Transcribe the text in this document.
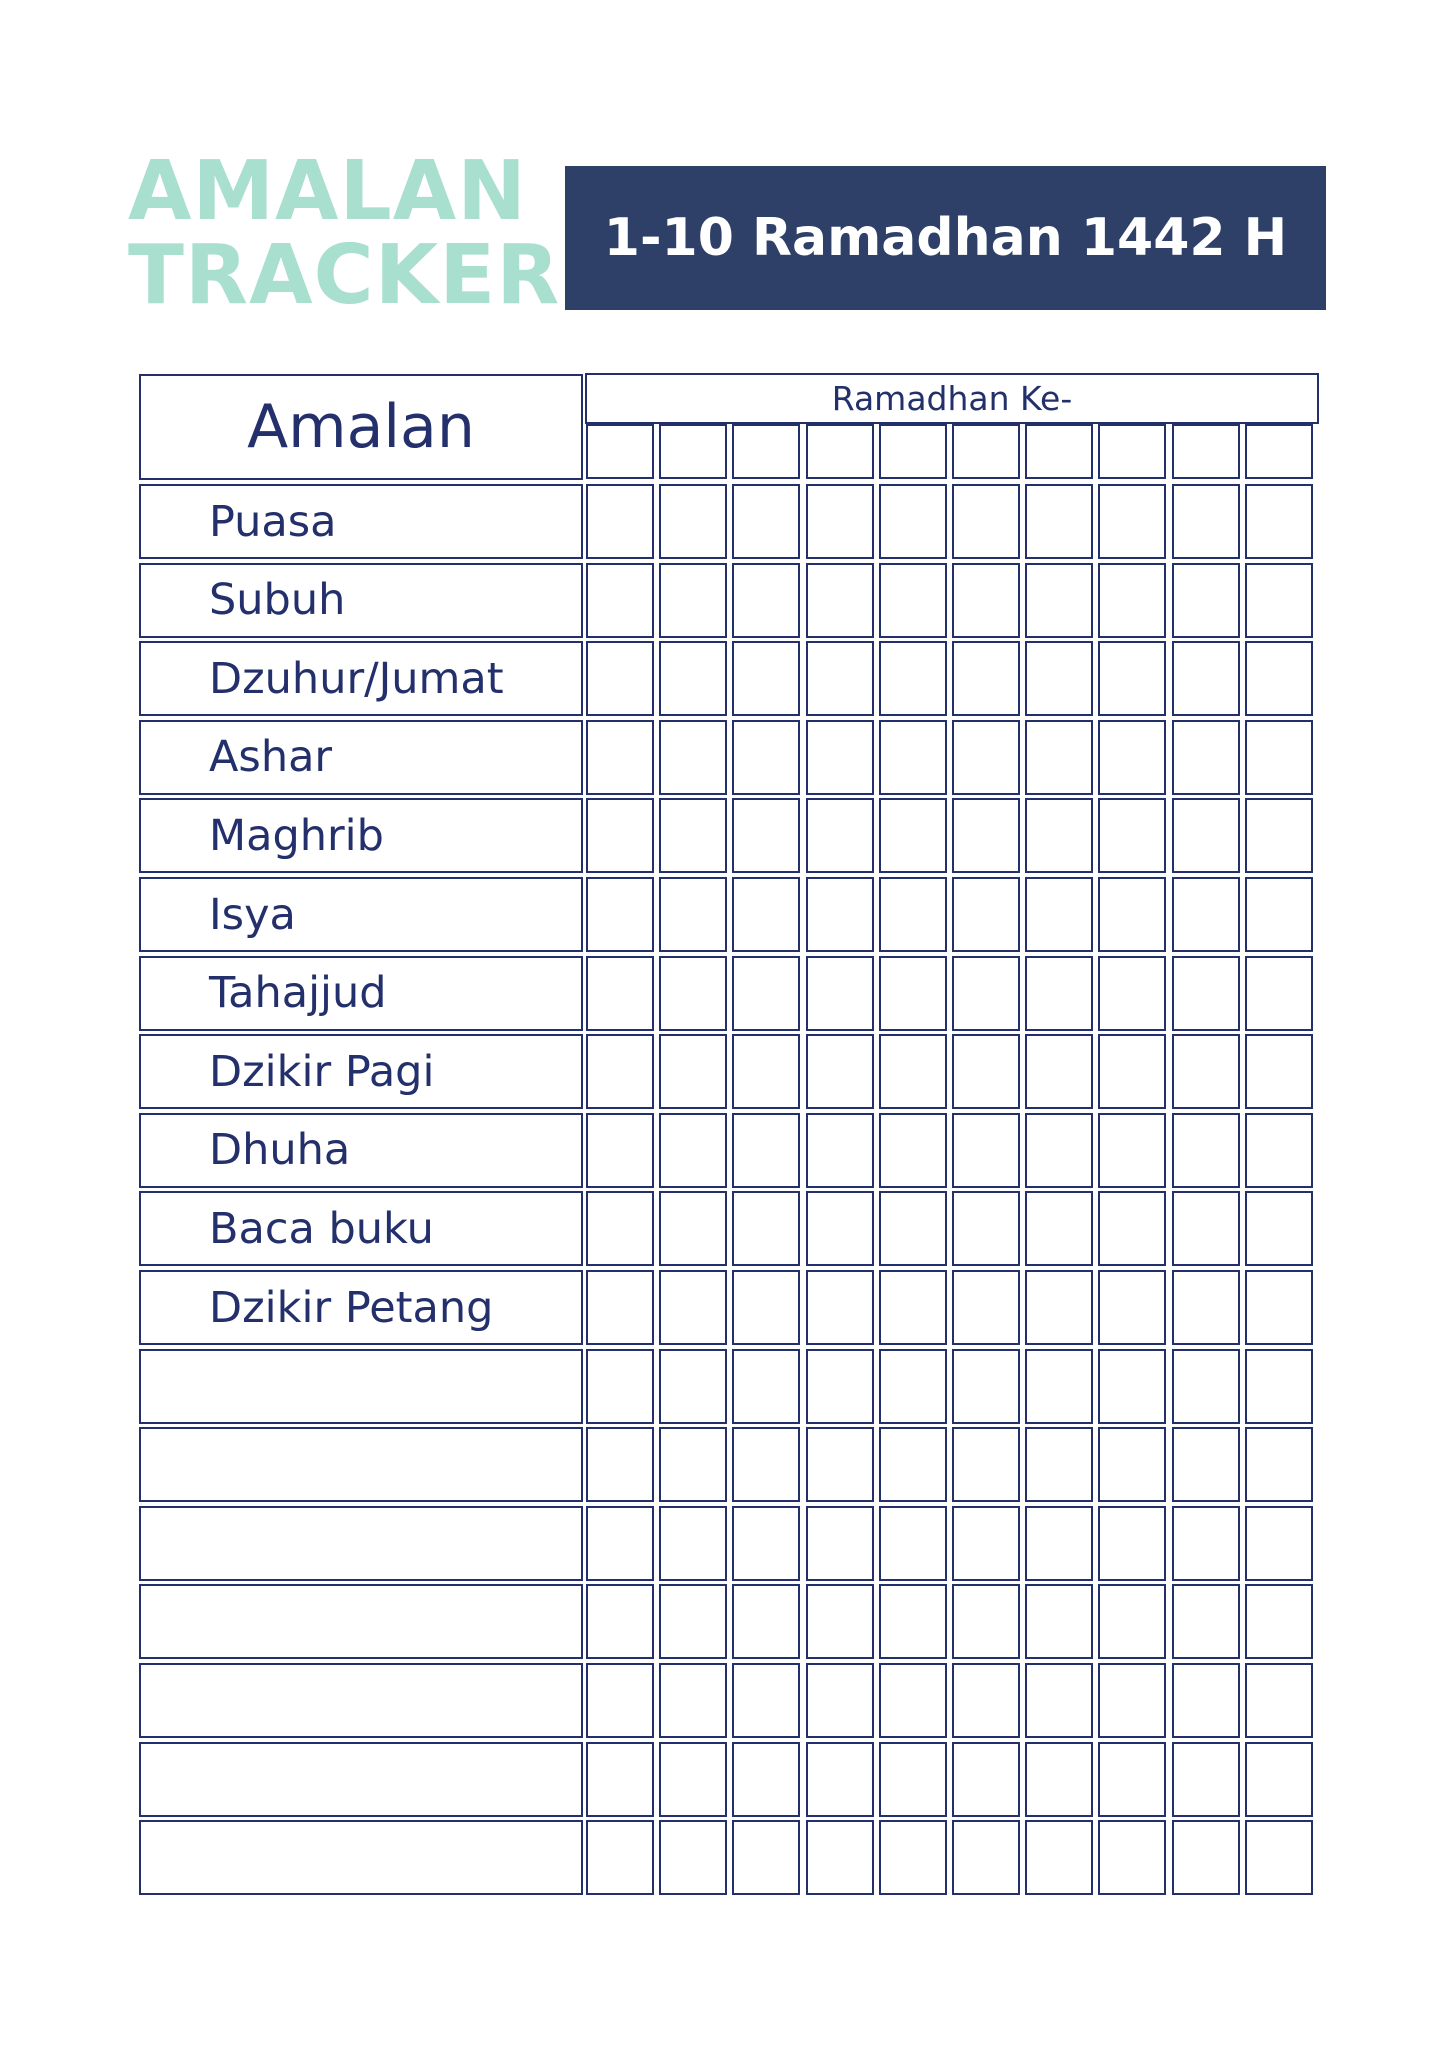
AMALAN
TRACKER 1-10 Ramadhan 1442 H
Amalan	Ramadhan Ke-
Puasa
Subuh
Dzuhur/Jumat
Ashar
Maghrib
Isya
Tahajjud
Dzikir Pagi
Dhuha
Baca buku
Dzikir Petang
